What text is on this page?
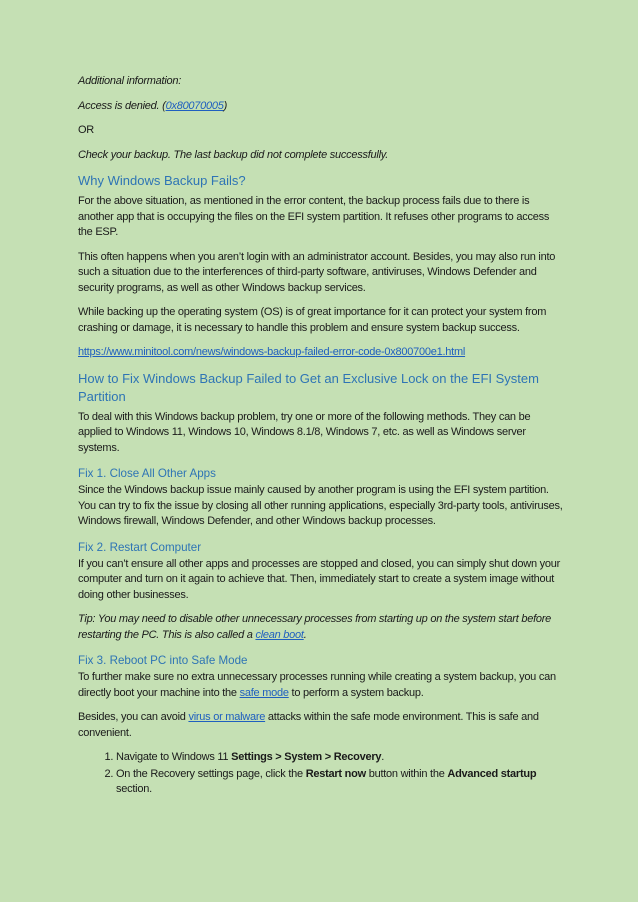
Additional information:

Access is denied. (0x80070005)

OR

Check your backup. The last backup did not complete successfully.

Why Windows Backup Fails?

For the above situation, as mentioned in the error content, the backup process fails due to there is another app that is occupying the files on the EFI system partition. It refuses other programs to access the ESP.

This often happens when you aren’t login with an administrator account. Besides, you may also run into such a situation due to the interferences of third-party software, antiviruses, Windows Defender and security programs, as well as other Windows backup services.

While backing up the operating system (OS) is of great importance for it can protect your system from crashing or damage, it is necessary to handle this problem and ensure system backup success.

https://www.minitool.com/news/windows-backup-failed-error-code-0x800700e1.html

How to Fix Windows Backup Failed to Get an Exclusive Lock on the EFI System Partition

To deal with this Windows backup problem, try one or more of the following methods. They can be applied to Windows 11, Windows 10, Windows 8.1/8, Windows 7, etc. as well as Windows server systems.

Fix 1. Close All Other Apps

Since the Windows backup issue mainly caused by another program is using the EFI system partition. You can try to fix the issue by closing all other running applications, especially 3rd-party tools, antiviruses, Windows firewall, Windows Defender, and other Windows backup processes.

Fix 2. Restart Computer

If you can’t ensure all other apps and processes are stopped and closed, you can simply shut down your computer and turn on it again to achieve that. Then, immediately start to create a system image without doing other businesses.

Tip: You may need to disable other unnecessary processes from starting up on the system start before restarting the PC. This is also called a clean boot.

Fix 3. Reboot PC into Safe Mode

To further make sure no extra unnecessary processes running while creating a system backup, you can directly boot your machine into the safe mode to perform a system backup.

Besides, you can avoid virus or malware attacks within the safe mode environment. This is safe and convenient.

1. Navigate to Windows 11 Settings > System > Recovery.
2. On the Recovery settings page, click the Restart now button within the Advanced startup section.
